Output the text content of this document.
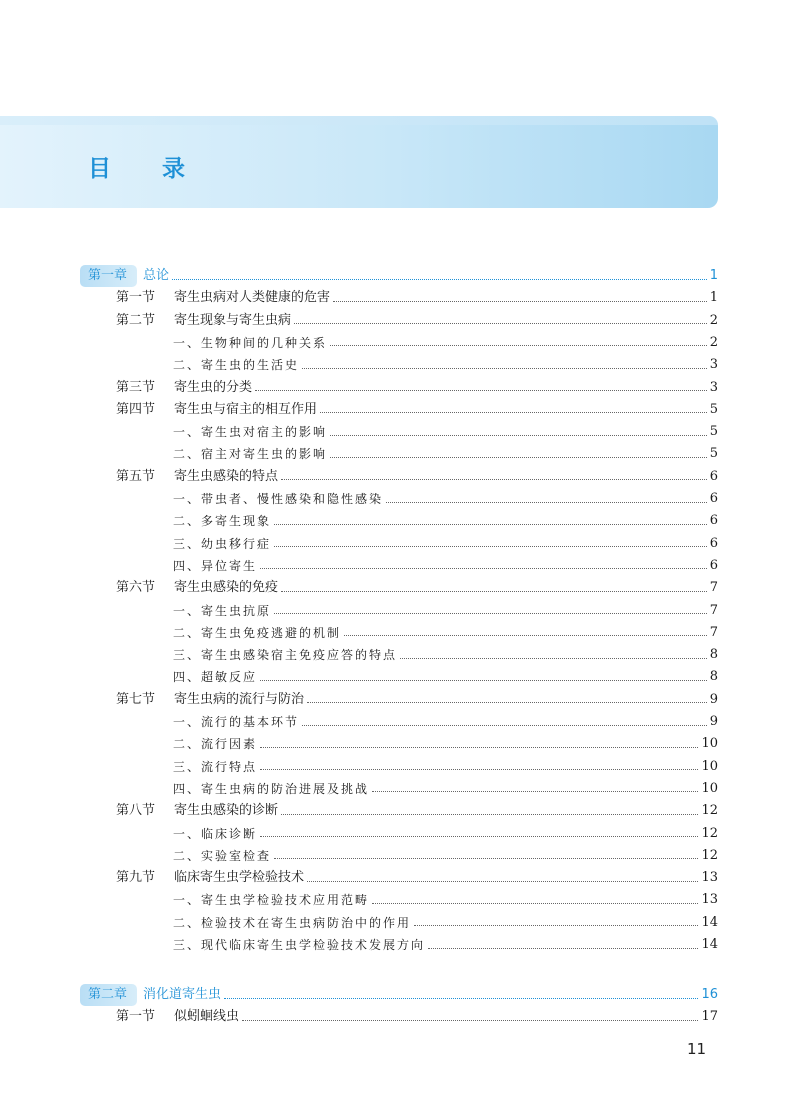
目　录
第一章	总论	1
第一节	寄生虫病对人类健康的危害	1
第二节	寄生现象与寄生虫病	2
一、生物种间的几种关系	2
二、寄生虫的生活史	3
第三节	寄生虫的分类	3
第四节	寄生虫与宿主的相互作用	5
一、寄生虫对宿主的影响	5
二、宿主对寄生虫的影响	5
第五节	寄生虫感染的特点	6
一、带虫者、慢性感染和隐性感染	6
二、多寄生现象	6
三、幼虫移行症	6
四、异位寄生	6
第六节	寄生虫感染的免疫	7
一、寄生虫抗原	7
二、寄生虫免疫逃避的机制	7
三、寄生虫感染宿主免疫应答的特点	8
四、超敏反应	8
第七节	寄生虫病的流行与防治	9
一、流行的基本环节	9
二、流行因素	10
三、流行特点	10
四、寄生虫病的防治进展及挑战	10
第八节	寄生虫感染的诊断	12
一、临床诊断	12
二、实验室检查	12
第九节	临床寄生虫学检验技术	13
一、寄生虫学检验技术应用范畴	13
二、检验技术在寄生虫病防治中的作用	14
三、现代临床寄生虫学检验技术发展方向	14
第二章	消化道寄生虫	16
第一节	似蚓蛔线虫	17
11
